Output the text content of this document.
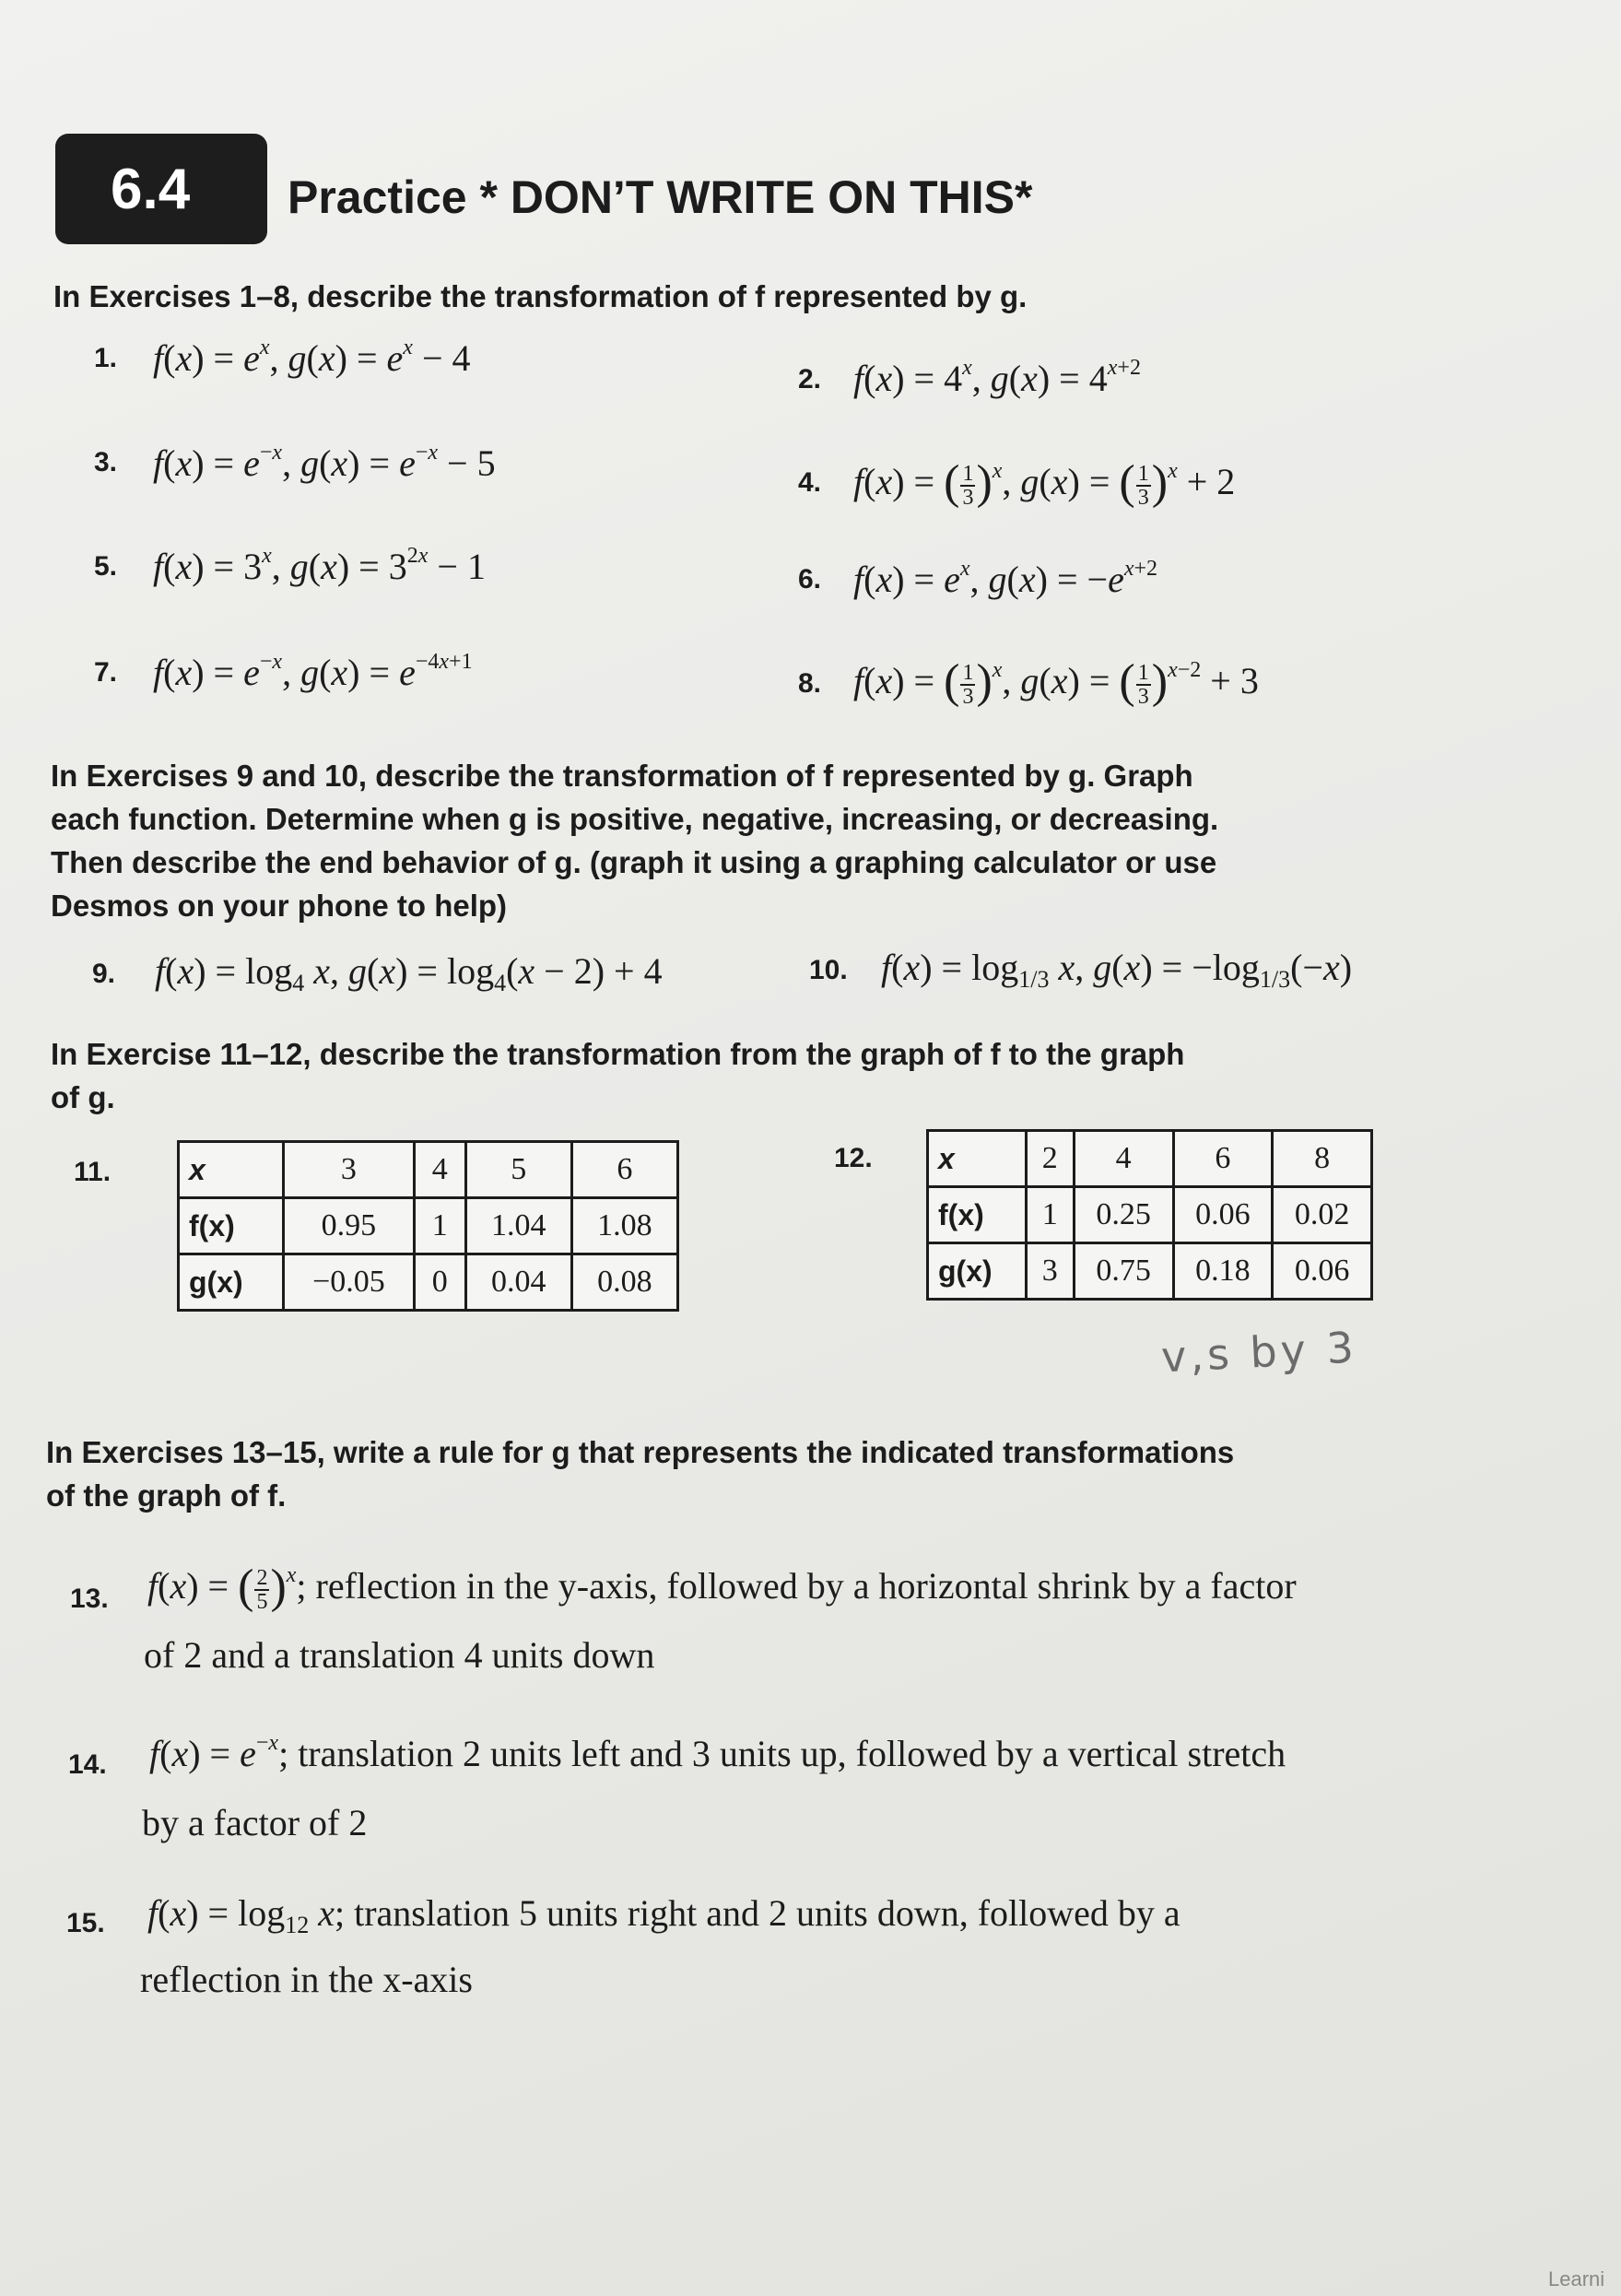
6.4 Practice * DON’T WRITE ON THIS*
In Exercises 1–8, describe the transformation of f represented by g.
1. $f(x) = e^x$, $g(x) = e^x - 4$
2. $f(x) = 4^x$, $g(x) = 4^{x+2}$
3. $f(x) = e^{-x}$, $g(x) = e^{-x} - 5$	4. f(x) = ( $\frac{1}{3} )^x$, g(x) = ( $\frac{1}{3} )^x + 2$
5. $f(x) = 3^x$, $g(x) = 3^{2x} - 1$	6. $f(x) = e^x$, $g(x) = -e^{x+2}$
7. $f(x) = e^{-x}$, $g(x) = e^{-4x+1}$
8. f(x) = ( $\frac{1}{3} )^x$, g(x) = ( $\frac{1}{3} )^{x-2} + 3$
In Exercises 9 and 10, describe the transformation of f represented by g. Graph
each function. Determine when g is positive, negative, increasing, or decreasing.
Then describe the end behavior of g. (graph it using a graphing calculator or use
Desmos on your phone to help)
9. $f(x) = \log_4 x$, $g(x) = \log_4(x - 2) + 4$	10. $f(x) = \log_{1/3} x$, $g(x) = -\log_{1/3}(-x)$
In Exercise 11–12, describe the transformation from the graph of f to the graph
of g.
11.	x	3	4	5	6
f(x)	0.95	1	1.04	1.08
g(x)	−0.05	0	0.04	0.08
12. x	2	4	6	8
f(x)	1	0.25	0.06	0.02
g(x)	3	0.75	0.18	0.06
v,s by 3
In Exercises 13–15, write a rule for g that represents the indicated transformations
of the graph of f.
13. f(x) = ( $\frac{2}{5} )^x$; reflection in the y-axis, followed by a horizontal shrink by a factor
of 2 and a translation 4 units down
14. $f(x) = e^{-x}$; translation 2 units left and 3 units up, followed by a vertical stretch
by a factor of 2
15. $f(x) = \log_{12} x$; translation 5 units right and 2 units down, followed by a
reflection in the x-axis
Learni
